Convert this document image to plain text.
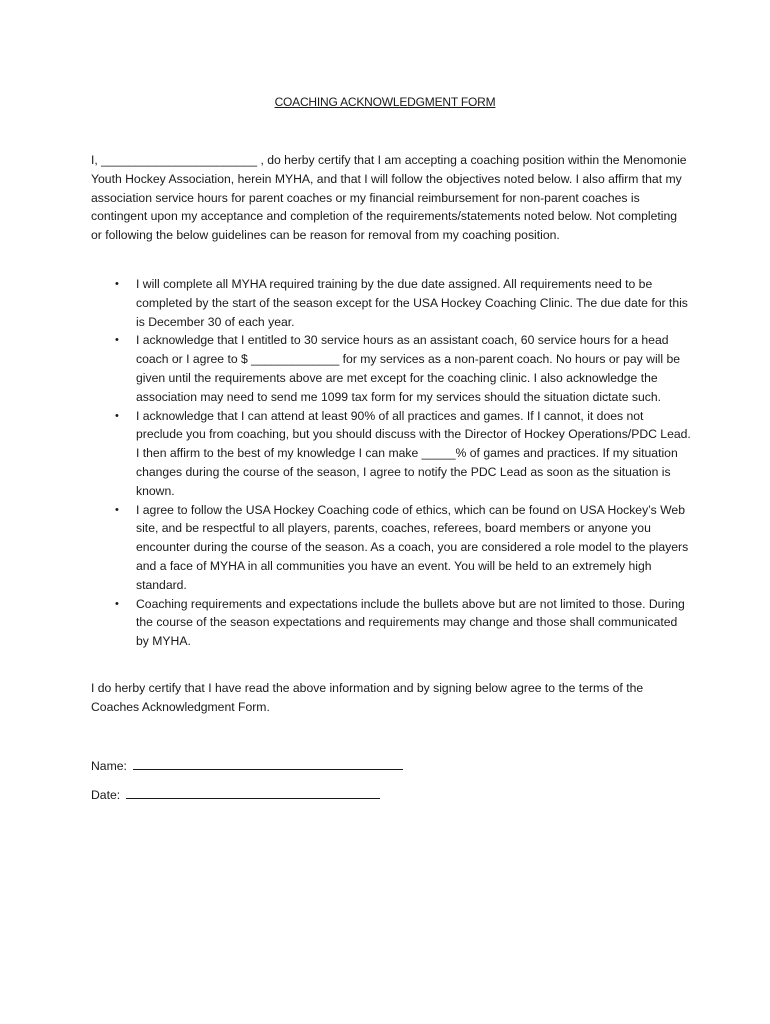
COACHING ACKNOWLEDGMENT FORM
I, _______________________ , do herby certify that I am accepting a coaching position within the Menomonie Youth Hockey Association, herein MYHA, and that I will follow the objectives noted below. I also affirm that my association service hours for parent coaches or my financial reimbursement for non-parent coaches is contingent upon my acceptance and completion of the requirements/statements noted below. Not completing or following the below guidelines can be reason for removal from my coaching position.
• I will complete all MYHA required training by the due date assigned. All requirements need to be completed by the start of the season except for the USA Hockey Coaching Clinic. The due date for this is December 30 of each year.
• I acknowledge that I entitled to 30 service hours as an assistant coach, 60 service hours for a head coach or I agree to $ _____________ for my services as a non-parent coach. No hours or pay will be given until the requirements above are met except for the coaching clinic. I also acknowledge the association may need to send me 1099 tax form for my services should the situation dictate such.
• I acknowledge that I can attend at least 90% of all practices and games. If I cannot, it does not preclude you from coaching, but you should discuss with the Director of Hockey Operations/PDC Lead. I then affirm to the best of my knowledge I can make _____% of games and practices. If my situation changes during the course of the season, I agree to notify the PDC Lead as soon as the situation is known.
• I agree to follow the USA Hockey Coaching code of ethics, which can be found on USA Hockey’s Web site, and be respectful to all players, parents, coaches, referees, board members or anyone you encounter during the course of the season. As a coach, you are considered a role model to the players and a face of MYHA in all communities you have an event. You will be held to an extremely high standard.
• Coaching requirements and expectations include the bullets above but are not limited to those. During the course of the season expectations and requirements may change and those shall communicated by MYHA.
I do herby certify that I have read the above information and by signing below agree to the terms of the Coaches Acknowledgment Form.
Name:
Date:
